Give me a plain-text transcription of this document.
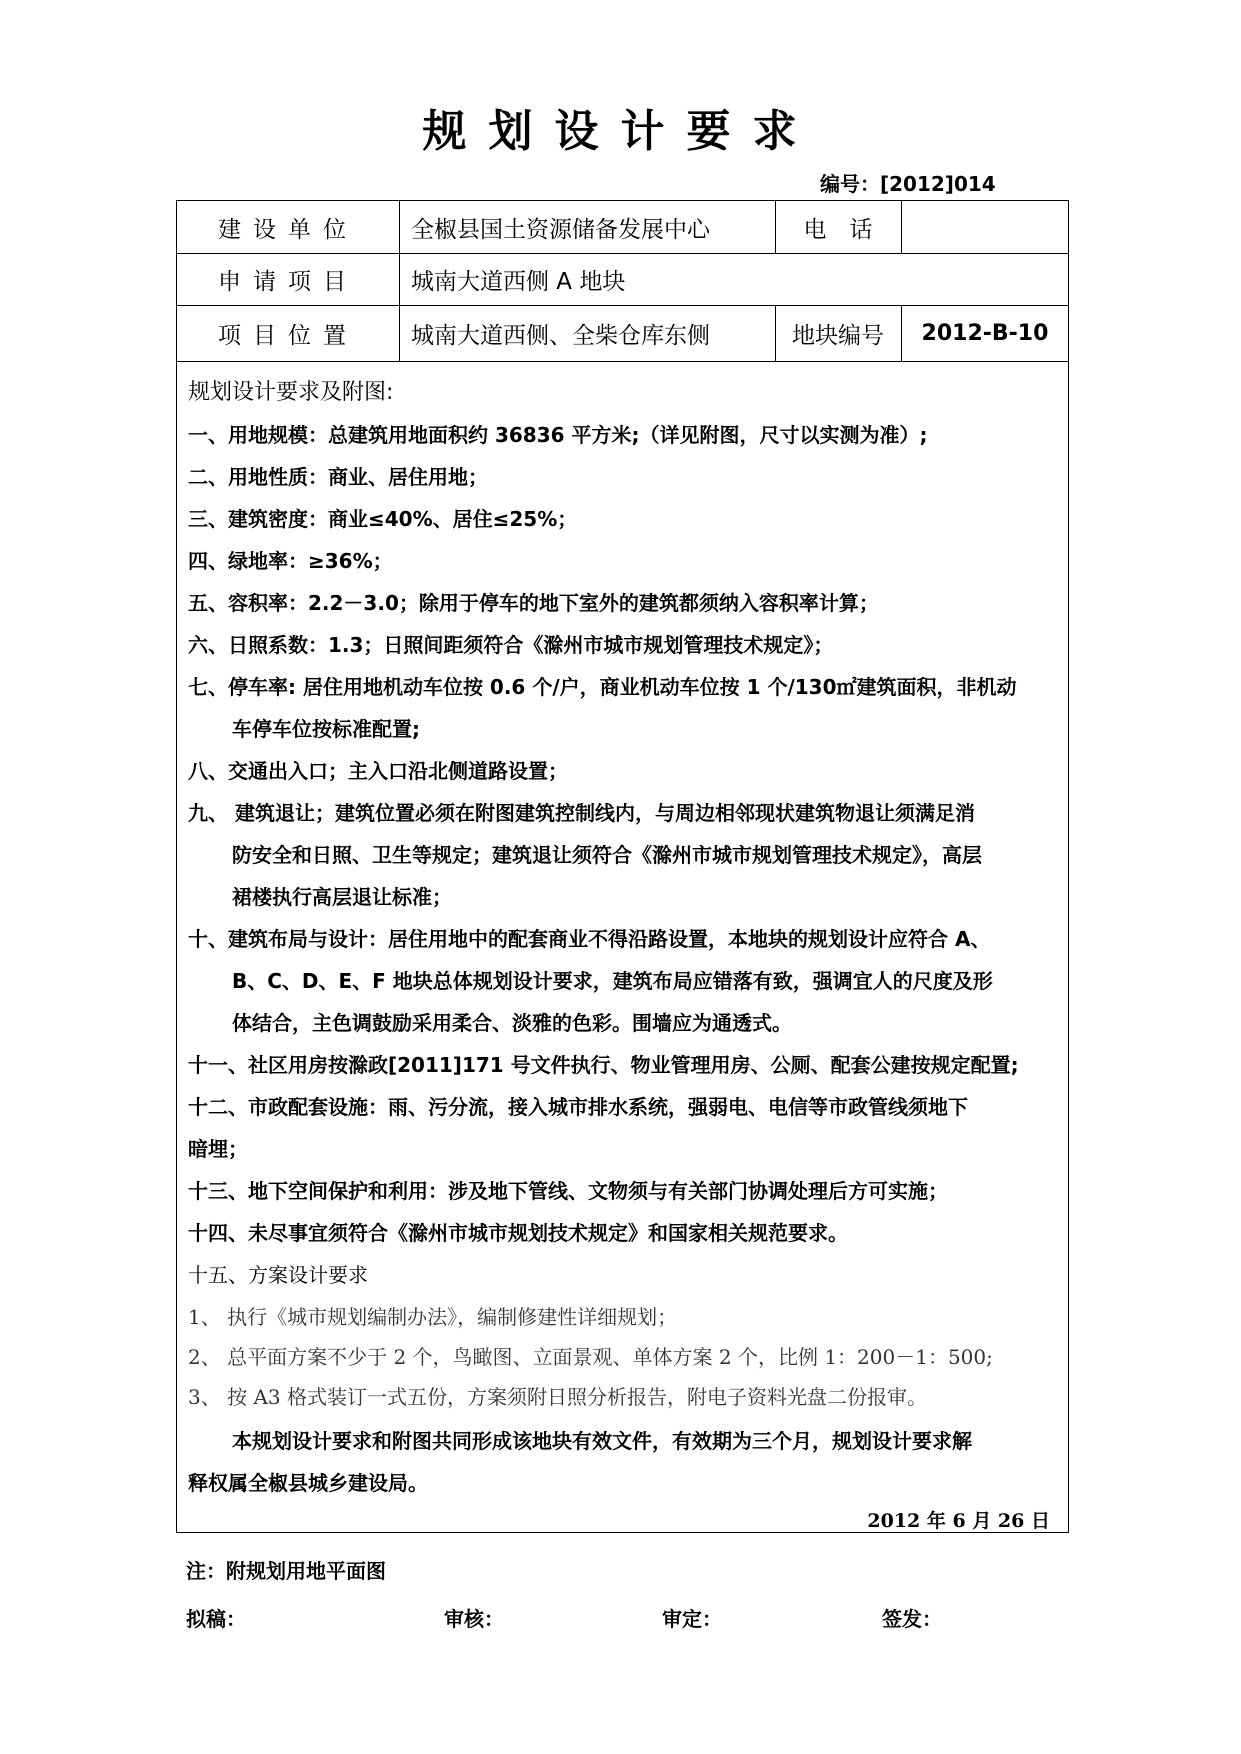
规划设计要求
编号：[2012]014
建设单位	全椒县国土资源储备发展中心	电　话
申请项目	城南大道西侧 A 地块
项目位置	城南大道西侧、全柴仓库东侧	地块编号	2012-B-10
规划设计要求及附图:
一、用地规模：总建筑用地面积约 36836 平方米;（详见附图，尺寸以实测为准）;
二、用地性质：商业、居住用地；
三、建筑密度：商业≤40%、居住≤25%；
四、绿地率：≥36%；
五、容积率：2.2－3.0；除用于停车的地下室外的建筑都须纳入容积率计算；
六、日照系数：1.3；日照间距须符合《滁州市城市规划管理技术规定》；
七、停车率: 居住用地机动车位按 0.6 个/户，商业机动车位按 1 个/130㎡建筑面积，非机动
车停车位按标准配置;
八、交通出入口；主入口沿北侧道路设置；
九、 建筑退让；建筑位置必须在附图建筑控制线内，与周边相邻现状建筑物退让须满足消
防安全和日照、卫生等规定；建筑退让须符合《滁州市城市规划管理技术规定》，高层
裙楼执行高层退让标准；
十、建筑布局与设计：居住用地中的配套商业不得沿路设置，本地块的规划设计应符合 A、
B、C、D、E、F 地块总体规划设计要求，建筑布局应错落有致，强调宜人的尺度及形
体结合，主色调鼓励采用柔合、淡雅的色彩。围墙应为通透式。
十一、社区用房按滁政[2011]171 号文件执行、物业管理用房、公厕、配套公建按规定配置;
十二、市政配套设施：雨、污分流，接入城市排水系统，强弱电、电信等市政管线须地下
暗埋；
十三、地下空间保护和利用：涉及地下管线、文物须与有关部门协调处理后方可实施；
十四、未尽事宜须符合《滁州市城市规划技术规定》和国家相关规范要求。
十五、方案设计要求
1、 执行《城市规划编制办法》，编制修建性详细规划；
2、 总平面方案不少于 2 个，鸟瞰图、立面景观、单体方案 2 个，比例 1：200－1：500;
3、 按 A3 格式装订一式五份，方案须附日照分析报告，附电子资料光盘二份报审。
本规划设计要求和附图共同形成该地块有效文件，有效期为三个月，规划设计要求解
释权属全椒县城乡建设局。
2012 年 6 月 26 日
注：附规划用地平面图
拟稿：	审核：	审定：	签发：
